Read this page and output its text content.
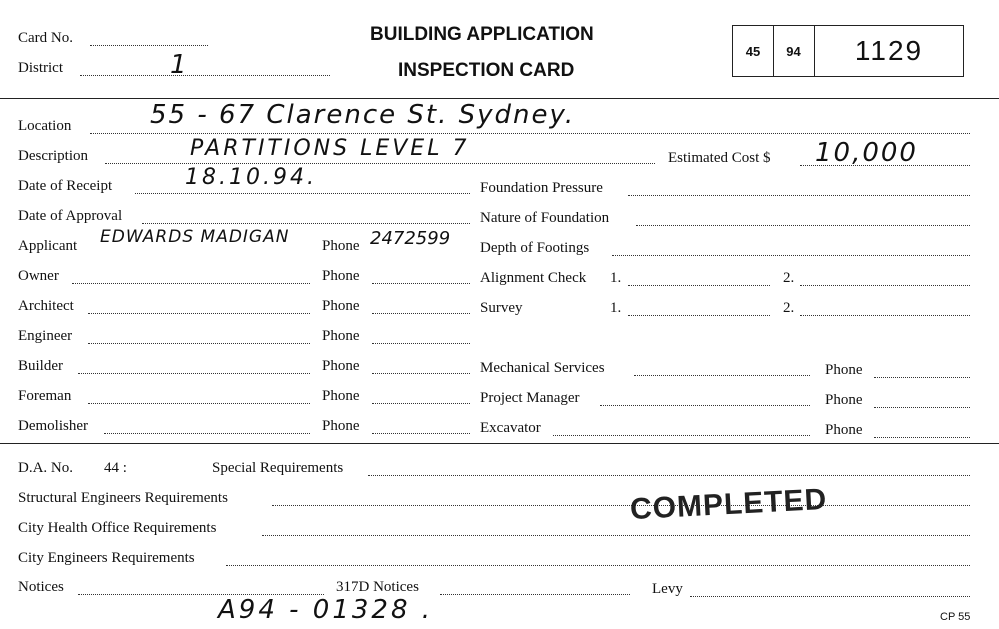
Card No.
District	1
BUILDING APPLICATION
INSPECTION CARD
45	94	1129
Location	55 - 67 Clarence St. Sydney.
Description	PARTITIONS LEVEL 7	Estimated Cost $ 10,000
Date of Receipt	18.10.94.
Date of Approval
Applicant EDWARDS MADIGAN Phone 2472599
Owner	Phone
Architect	Phone
Engineer	Phone
Builder	Phone
Foreman	Phone
Demolisher	Phone
Foundation Pressure
Nature of Foundation
Depth of Footings
Alignment Check 1.	2.
Survey	1.	2.
Mechanical Services	Phone
Project Manager	Phone
Excavator	Phone
D.A. No. 44 :	Special Requirements
Structural Engineers Requirements
City Health Office Requirements
City Engineers Requirements
Notices	317D Notices	Levy
COMPLETED
A94 - 01328 .	CP 55
